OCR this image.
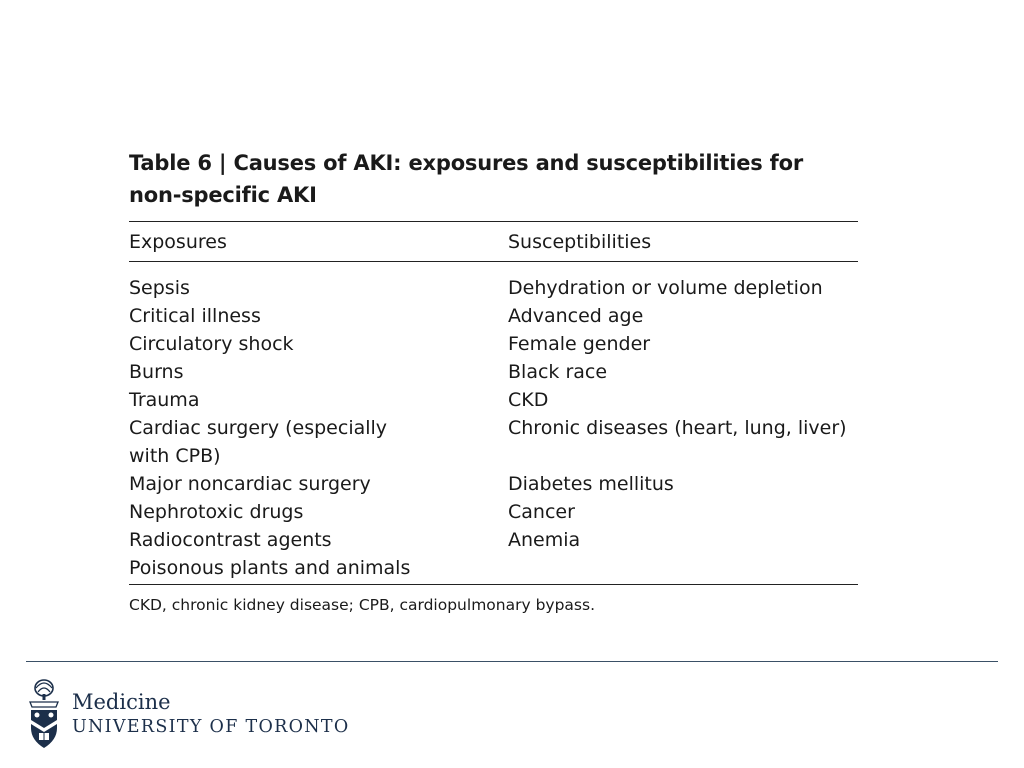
Table 6 | Causes of AKI: exposures and susceptibilities for
non-specific AKI
Exposures	Susceptibilities
Sepsis	Dehydration or volume depletion
Critical illness	Advanced age
Circulatory shock	Female gender
Burns	Black race
Trauma	CKD
Cardiac surgery (especially	Chronic diseases (heart, lung, liver)
with CPB)
Major noncardiac surgery	Diabetes mellitus
Nephrotoxic drugs	Cancer
Radiocontrast agents	Anemia
Poisonous plants and animals
CKD, chronic kidney disease; CPB, cardiopulmonary bypass.
Medicine
UNIVERSITY OF TORONTO
